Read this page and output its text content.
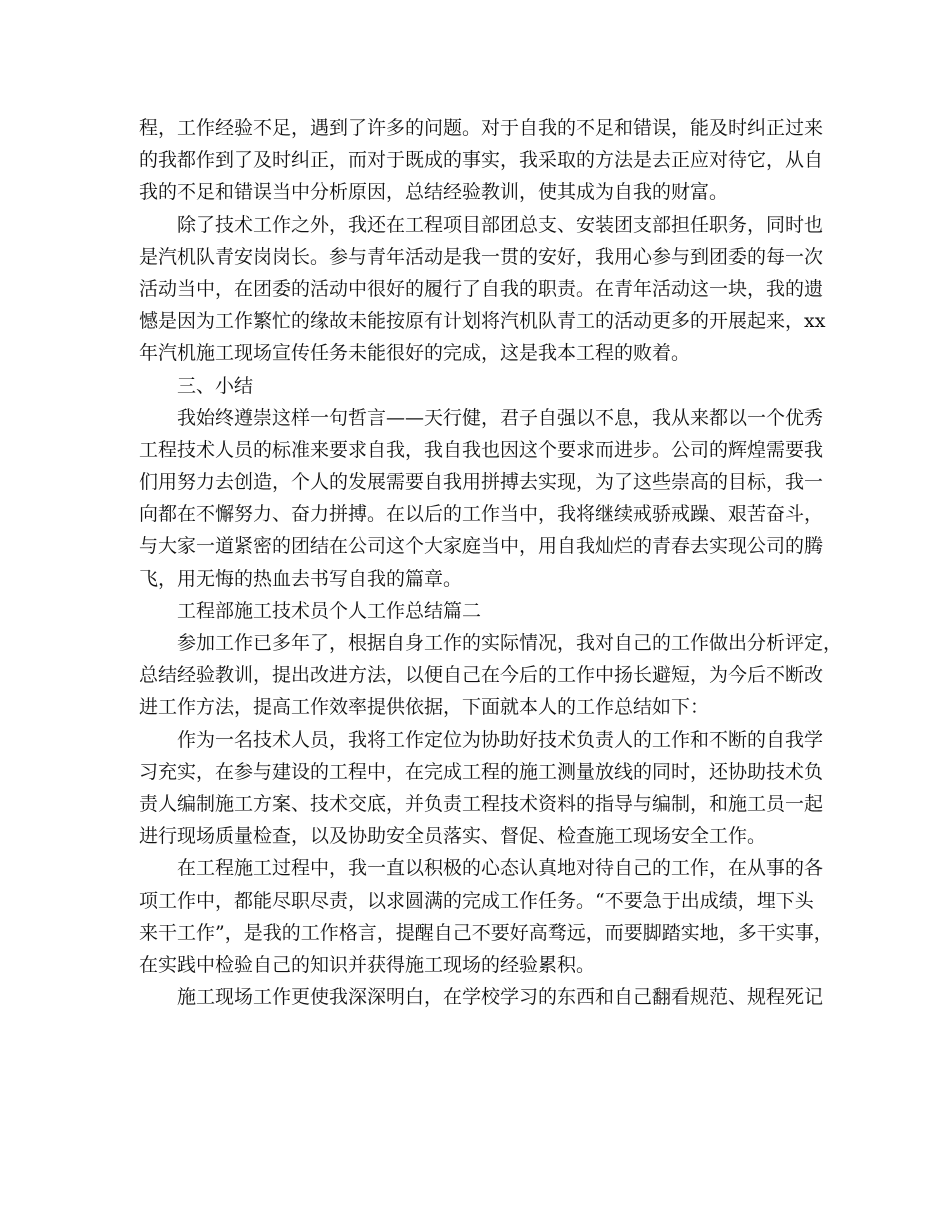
程，工作经验不足，遇到了许多的问题。对于自我的不足和错误，能及时纠正过来
的我都作到了及时纠正，而对于既成的事实，我采取的方法是去正应对待它，从自
我的不足和错误当中分析原因，总结经验教训，使其成为自我的财富。
除了技术工作之外，我还在工程项目部团总支、安装团支部担任职务，同时也
是汽机队青安岗岗长。参与青年活动是我一贯的安好，我用心参与到团委的每一次
活动当中，在团委的活动中很好的履行了自我的职责。在青年活动这一块，我的遗
憾是因为工作繁忙的缘故未能按原有计划将汽机队青工的活动更多的开展起来，xx
年汽机施工现场宣传任务未能很好的完成，这是我本工程的败着。
三、小结
我始终遵崇这样一句哲言——天行健，君子自强以不息，我从来都以一个优秀
工程技术人员的标准来要求自我，我自我也因这个要求而进步。公司的辉煌需要我
们用努力去创造，个人的发展需要自我用拼搏去实现，为了这些崇高的目标，我一
向都在不懈努力、奋力拼搏。在以后的工作当中，我将继续戒骄戒躁、艰苦奋斗，
与大家一道紧密的团结在公司这个大家庭当中，用自我灿烂的青春去实现公司的腾
飞，用无悔的热血去书写自我的篇章。
工程部施工技术员个人工作总结篇二
参加工作已多年了，根据自身工作的实际情况，我对自己的工作做出分析评定，
总结经验教训，提出改进方法，以便自己在今后的工作中扬长避短，为今后不断改
进工作方法，提高工作效率提供依据，下面就本人的工作总结如下：
作为一名技术人员，我将工作定位为协助好技术负责人的工作和不断的自我学
习充实，在参与建设的工程中，在完成工程的施工测量放线的同时，还协助技术负
责人编制施工方案、技术交底，并负责工程技术资料的指导与编制，和施工员一起
进行现场质量检查，以及协助安全员落实、督促、检查施工现场安全工作。
在工程施工过程中，我一直以积极的心态认真地对待自己的工作，在从事的各
项工作中，都能尽职尽责，以求圆满的完成工作任务。“不要急于出成绩，埋下头
来干工作”，是我的工作格言，提醒自己不要好高骛远，而要脚踏实地，多干实事，
在实践中检验自己的知识并获得施工现场的经验累积。
施工现场工作更使我深深明白，在学校学习的东西和自己翻看规范、规程死记
